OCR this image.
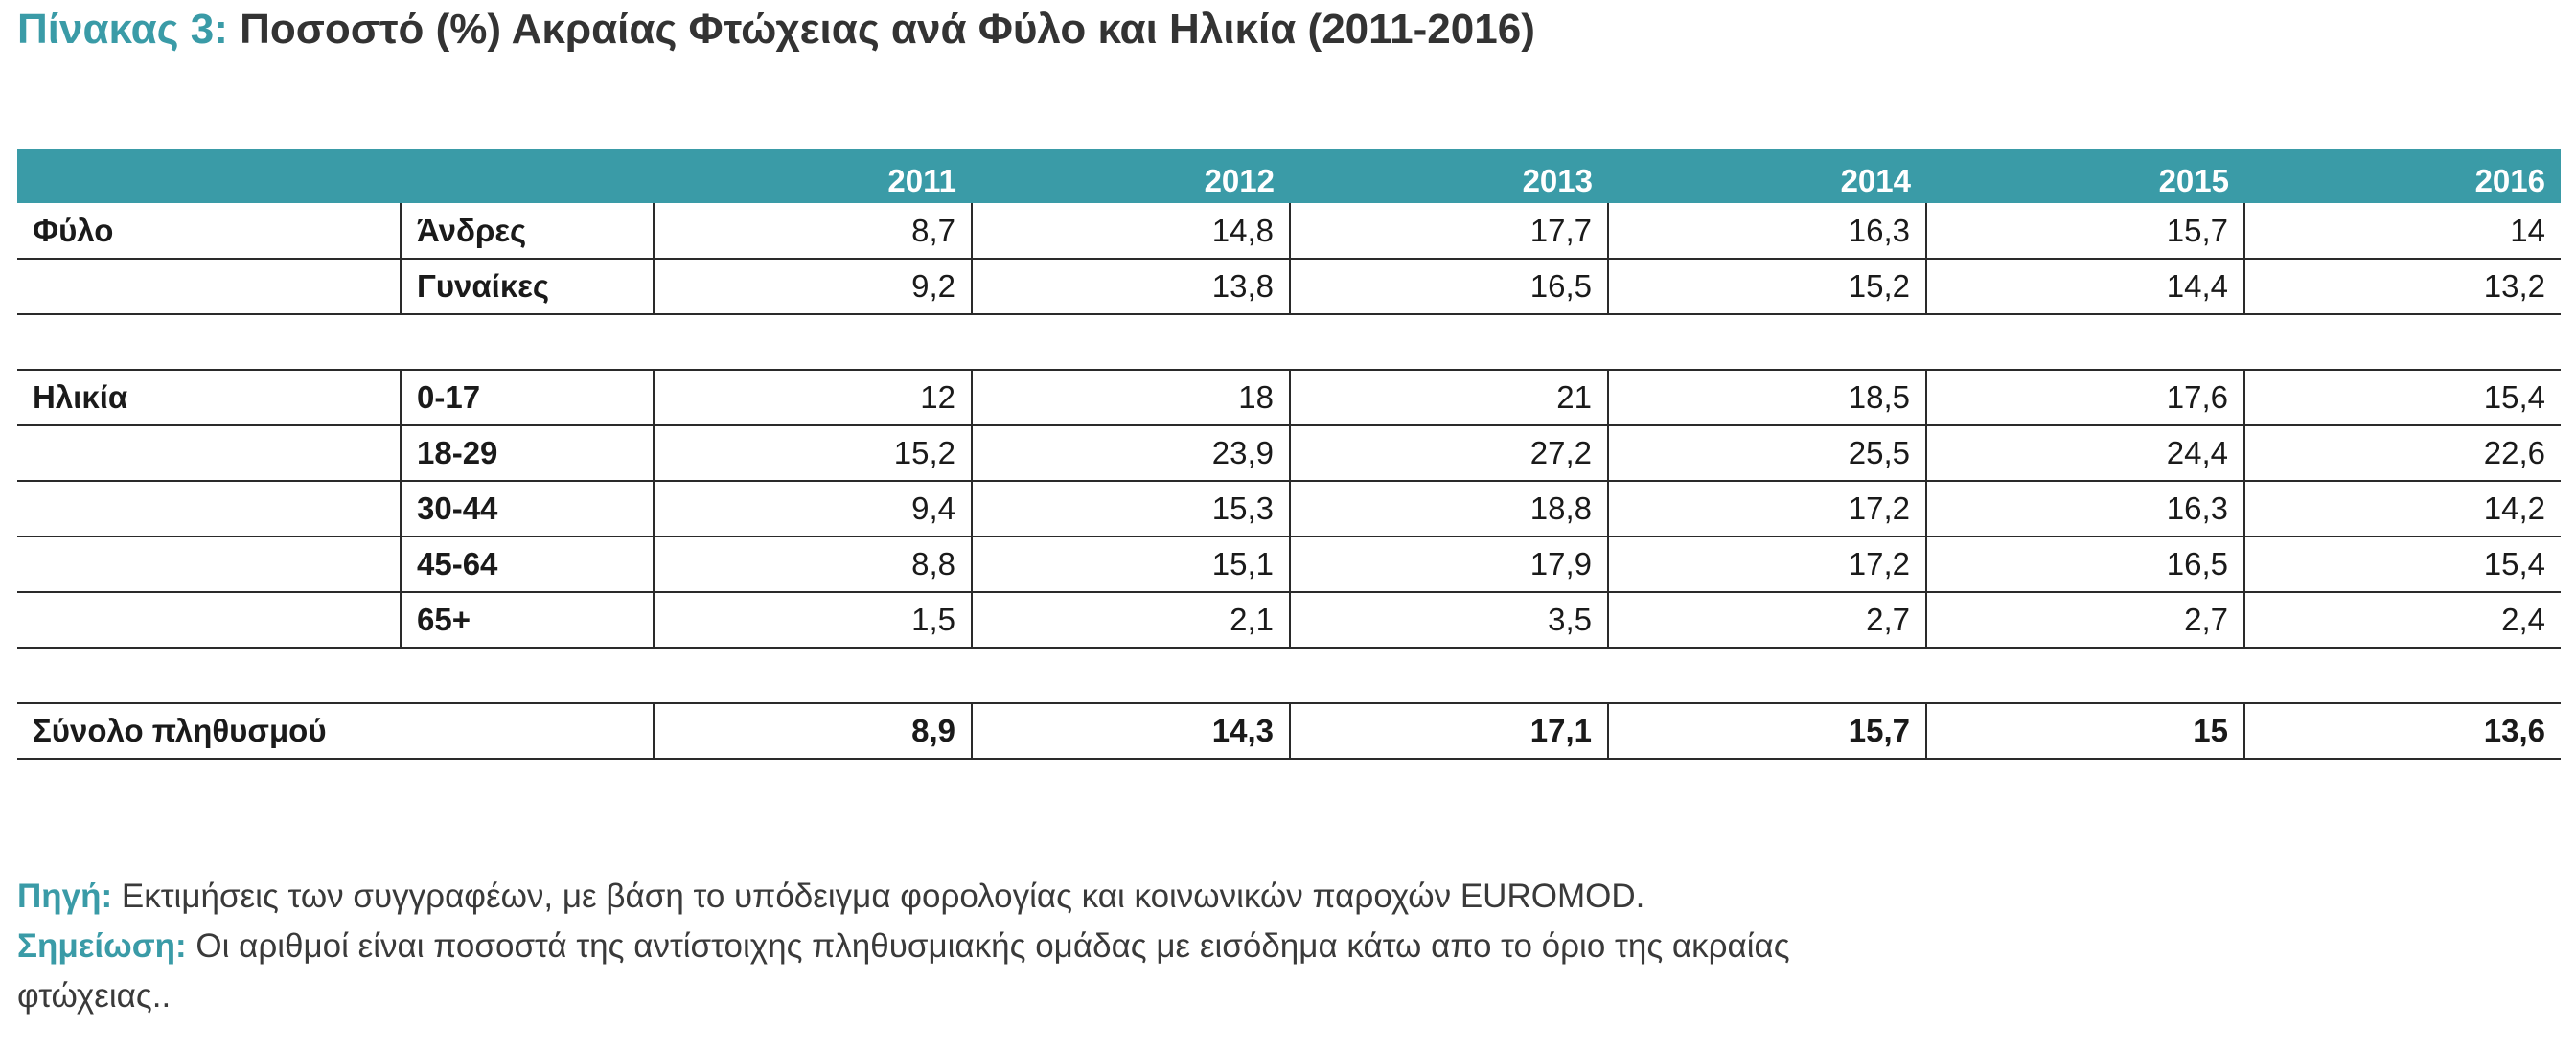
Πίνακας 3: Ποσοστό (%) Ακραίας Φτώχειας ανά Φύλο και Ηλικία (2011-2016)
		2011	2012	2013	2014	2015	2016
Φύλο	Άνδρες	8,7	14,8	17,7	16,3	15,7	14
	Γυναίκες	9,2	13,8	16,5	15,2	14,4	13,2

Ηλικία	0-17	12	18	21	18,5	17,6	15,4
	18-29	15,2	23,9	27,2	25,5	24,4	22,6
	30-44	9,4	15,3	18,8	17,2	16,3	14,2
	45-64	8,8	15,1	17,9	17,2	16,5	15,4
	65+	1,5	2,1	3,5	2,7	2,7	2,4

Σύνολο πληθυσμού		8,9	14,3	17,1	15,7	15	13,6
Πηγή: Εκτιμήσεις των συγγραφέων, με βάση το υπόδειγμα φορολογίας και κοινωνικών παροχών EUROMOD.
Σημείωση: Οι αριθμοί είναι ποσοστά της αντίστοιχης πληθυσμιακής ομάδας με εισόδημα κάτω απο το όριο της ακραίας φτώχειας..
